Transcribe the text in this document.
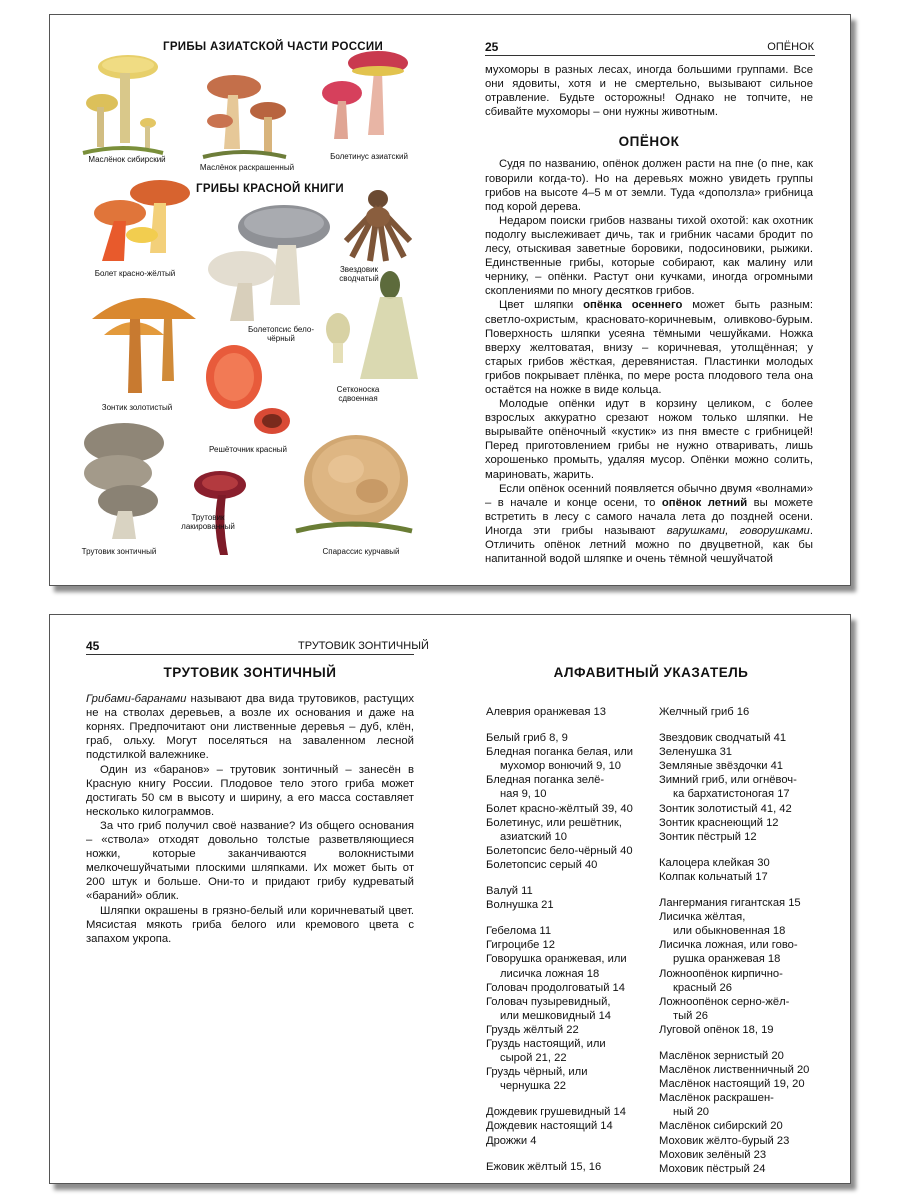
ГРИБЫ АЗИАТСКОЙ ЧАСТИ РОССИИ
ГРИБЫ КРАСНОЙ КНИГИ
Маслёнок сибирский
Маслёнок раскрашенный
Болетинус азиатский
Болет красно-жёлтый
Болетопсис бело-чёрный
Звездовик сводчатый
Зонтик золотистый
Сетконоска сдвоенная
Решёточник красный
Трутовик зонтичный
Трутовик лакированный
Спарассис курчавый
25	ОПЁНОК

мухоморы в разных лесах, иногда большими группами. Все они ядовиты, хотя и не смертельно, вызывают сильное отравление. Будьте осторожны! Однако не топчите, не сбивайте мухоморы – они нужны животным.

ОПЁНОК

Судя по названию, опёнок должен расти на пне (о пне, как говорили когда-то). Но на деревьях можно увидеть группы грибов на высоте 4–5 м от земли. Туда «доползла» грибница под корой дерева.

Недаром поиски грибов названы тихой охотой: как охотник подолгу выслеживает дичь, так и грибник часами бродит по лесу, отыскивая заветные боровики, подосиновики, рыжики. Единственные грибы, которые собирают, как малину или чернику, – опёнки. Растут они кучками, иногда огромными скоплениями по многу десятков грибов.

Цвет шляпки опёнка осеннего может быть разным: светло-охристым, красновато-коричневым, оливково-бурым. Поверхность шляпки усеяна тёмными чешуйками. Ножка вверху желтоватая, внизу – коричневая, утолщённая; у старых грибов жёсткая, деревянистая. Пластинки молодых грибов покрывает плёнка, по мере роста плодового тела она остаётся на ножке в виде кольца.

Молодые опёнки идут в корзину целиком, с более взрослых аккуратно срезают ножом только шляпки. Не вырывайте опёночный «кустик» из пня вместе с грибницей! Перед приготовлением грибы не нужно отваривать, лишь хорошенько промыть, удаляя мусор. Опёнки можно солить, мариновать, жарить.

Если опёнок осенний появляется обычно двумя «волнами» – в начале и конце осени, то опёнок летний вы можете встретить в лесу с самого начала лета до поздней осени. Иногда эти грибы называют варушками, говорушками. Отличить опёнок летний можно по двуцветной, как бы напитанной водой шляпке и очень тёмной чешуйчатой

45	ТРУТОВИК ЗОНТИЧНЫЙ
ТРУТОВИК ЗОНТИЧНЫЙ

Грибами-баранами называют два вида трутовиков, растущих не на стволах деревьев, а возле их основания и даже на корнях. Предпочитают они лиственные деревья – дуб, клён, граб, ольху. Могут поселяться на заваленном лесной подстилкой валежнике.

Один из «баранов» – трутовик зонтичный – занесён в Красную книгу России. Плодовое тело этого гриба может достигать 50 см в высоту и ширину, а его масса составляет несколько килограммов.

За что гриб получил своё название? Из общего основания – «ствола» отходят довольно толстые разветвляющиеся ножки, которые заканчиваются волокнистыми мелкочешуйчатыми плоскими шляпками. Их может быть от 200 штук и больше. Они-то и придают грибу кудреватый «бараний» облик.

Шляпки окрашены в грязно-белый или коричневатый цвет. Мясистая мякоть гриба белого или кремового цвета с запахом укропа.

АЛФАВИТНЫЙ УКАЗАТЕЛЬ
Алеврия оранжевая 13
Белый гриб 8, 9
Бледная поганка белая, или
мухомор вонючий 9, 10
Бледная поганка зелё-
ная 9, 10
Болет красно-жёлтый 39, 40
Болетинус, или решётник,
азиатский 10
Болетопсис бело-чёрный 40
Болетопсис серый 40
Валуй 11
Волнушка 21
Гебелома 11
Гигроцибе 12
Говорушка оранжевая, или
лисичка ложная 18
Головач продолговатый 14
Головач пузыревидный,
или мешковидный 14
Груздь жёлтый 22
Груздь настоящий, или
сырой 21, 22
Груздь чёрный, или
чернушка 22
Дождевик грушевидный 14
Дождевик настоящий 14
Дрожжи 4
Ежовик жёлтый 15, 16
Желчный гриб 16
Звездовик сводчатый 41
Зеленушка 31
Земляные звёздочки 41
Зимний гриб, или огнёвоч-
ка бархатистоногая 17
Зонтик золотистый 41, 42
Зонтик краснеющий 12
Зонтик пёстрый 12
Калоцера клейкая 30
Колпак кольчатый 17
Лангермания гигантская 15
Лисичка жёлтая,
или обыкновенная 18
Лисичка ложная, или гово-
рушка оранжевая 18
Ложноопёнок кирпично-
красный 26
Ложноопёнок серно-жёл-
тый 26
Луговой опёнок 18, 19
Маслёнок зернистый 20
Маслёнок лиственничный 20
Маслёнок настоящий 19, 20
Маслёнок раскрашен-
ный 20
Маслёнок сибирский 20
Моховик жёлто-бурый 23
Моховик зелёный 23
Моховик пёстрый 24
